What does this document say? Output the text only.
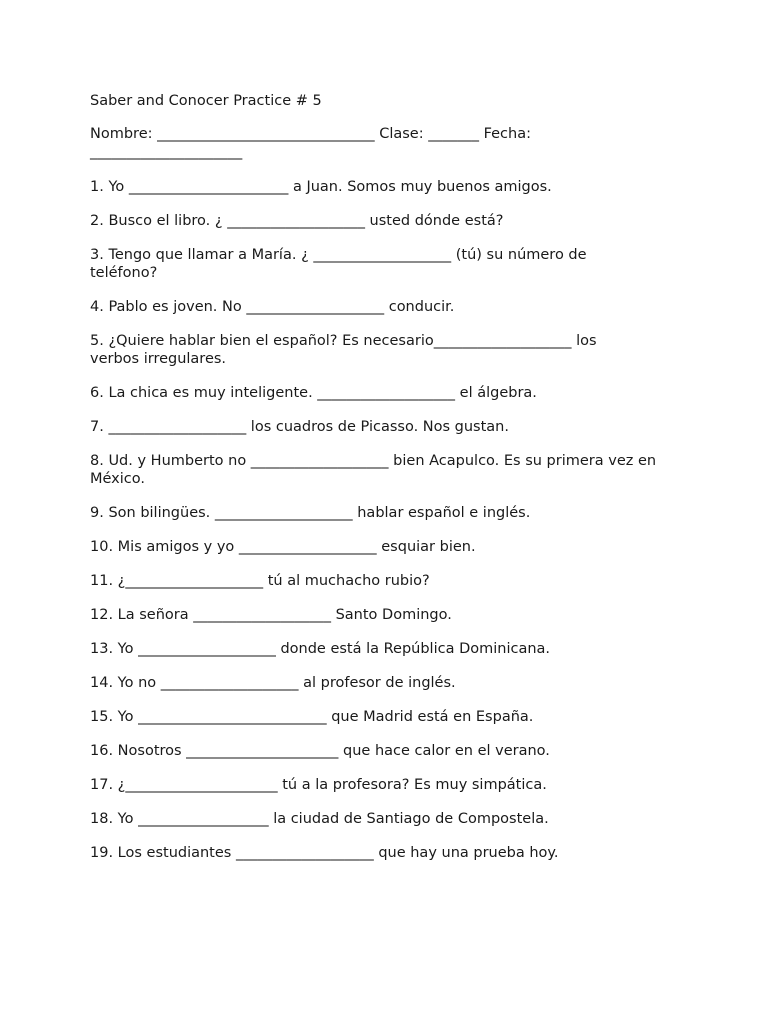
Saber and Conocer Practice # 5

Nombre: ______________________________ Clase: _______ Fecha:

_____________________

1. Yo ______________________ a Juan. Somos muy buenos amigos.

2. Busco el libro. ¿ ___________________ usted dónde está?

3. Tengo que llamar a María. ¿ ___________________ (tú) su número de teléfono?

4. Pablo es joven. No ___________________ conducir.

5. ¿Quiere hablar bien el español? Es necesario___________________ los verbos irregulares.

6. La chica es muy inteligente. ___________________ el álgebra.

7. ___________________ los cuadros de Picasso. Nos gustan.

8. Ud. y Humberto no ___________________ bien Acapulco. Es su primera vez en México.

9. Son bilingües. ___________________ hablar español e inglés.

10. Mis amigos y yo ___________________ esquiar bien.

11. ¿___________________ tú al muchacho rubio?

12. La señora ___________________ Santo Domingo.

13. Yo ___________________ donde está la República Dominicana.

14. Yo no ___________________ al profesor de inglés.

15. Yo __________________________ que Madrid está en España.

16. Nosotros _____________________ que hace calor en el verano.

17. ¿_____________________ tú a la profesora? Es muy simpática.

18. Yo __________________ la ciudad de Santiago de Compostela.

19. Los estudiantes ___________________ que hay una prueba hoy.
